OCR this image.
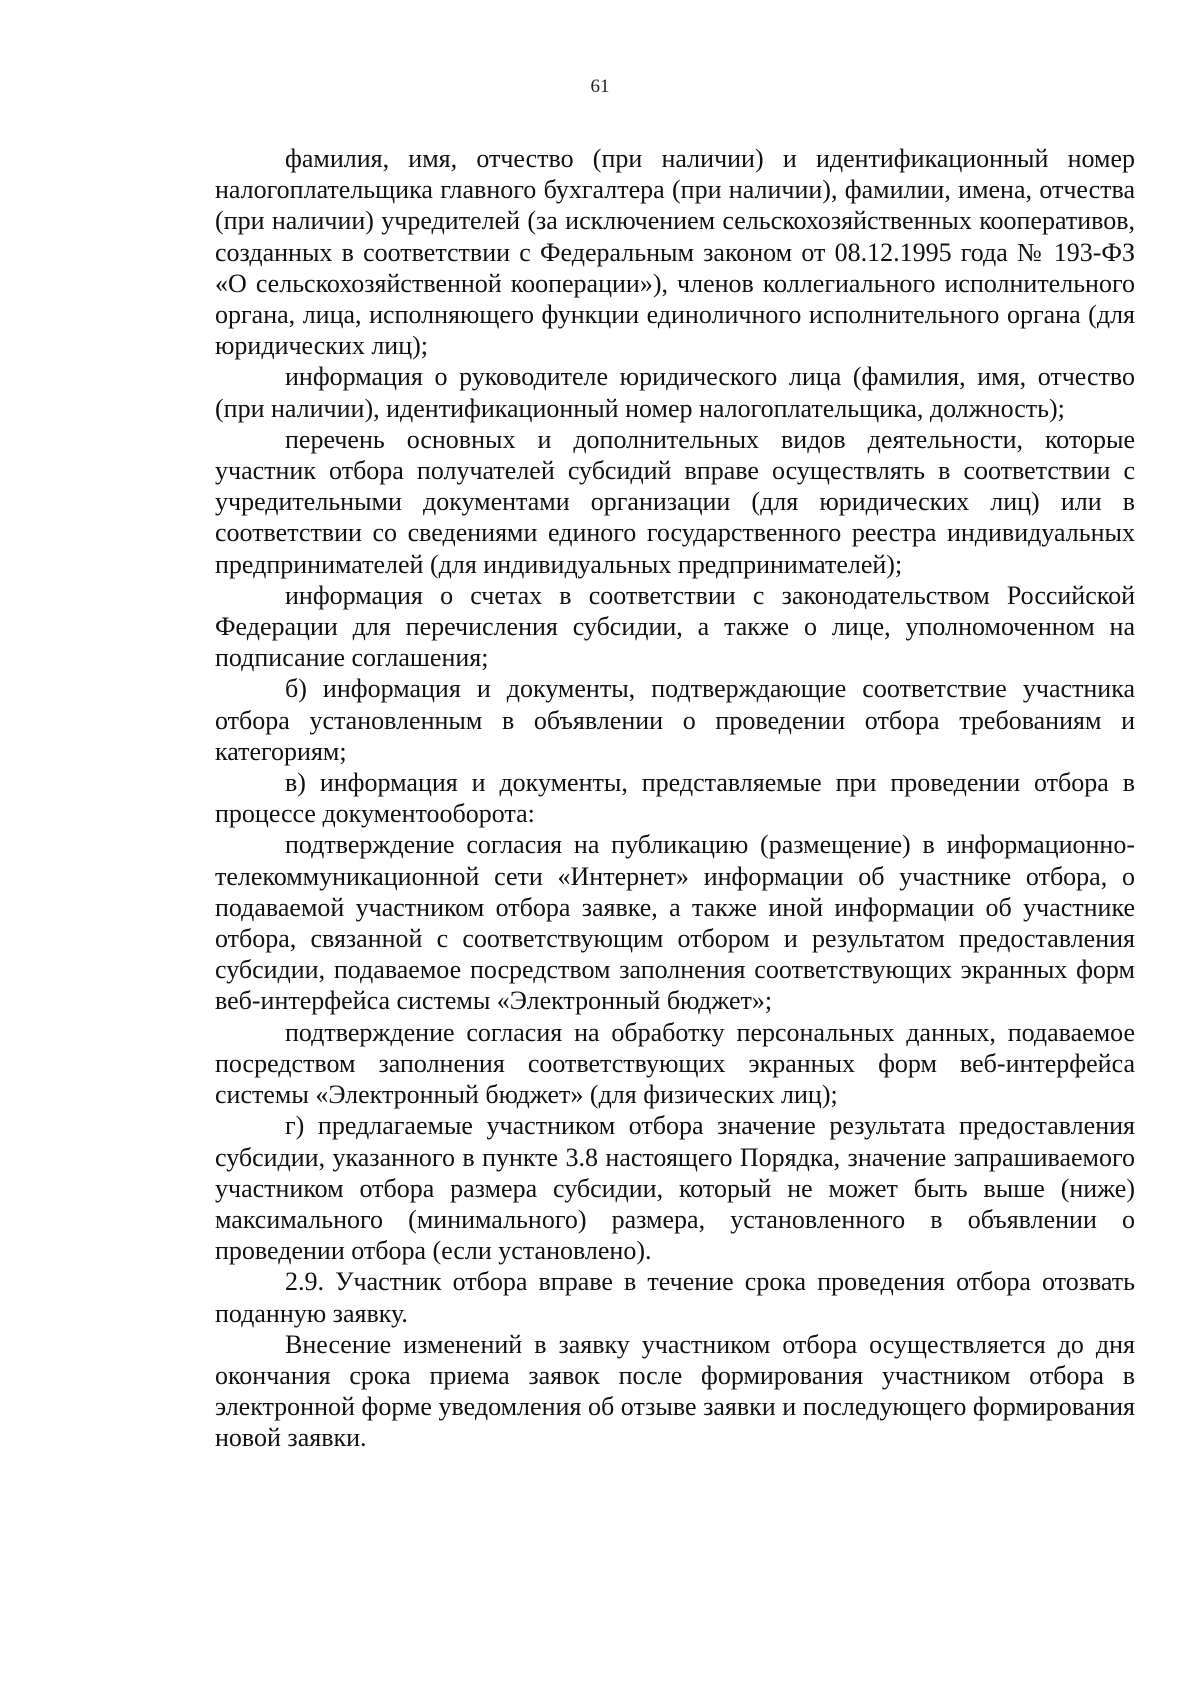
61

фамилия, имя, отчество (при наличии) и идентификационный номер налогоплательщика главного бухгалтера (при наличии), фамилии, имена, отчества (при наличии) учредителей (за исключением сельскохозяйственных кооперативов, созданных в соответствии с Федеральным законом от 08.12.1995 года № 193-ФЗ «О сельскохозяйственной кооперации»), членов коллегиального исполнительного органа, лица, исполняющего функции единоличного исполнительного органа (для юридических лиц);

информация о руководителе юридического лица (фамилия, имя, отчество (при наличии), идентификационный номер налогоплательщика, должность);

перечень основных и дополнительных видов деятельности, которые участник отбора получателей субсидий вправе осуществлять в соответствии с учредительными документами организации (для юридических лиц) или в соответствии со сведениями единого государственного реестра индивидуальных предпринимателей (для индивидуальных предпринимателей);

информация о счетах в соответствии с законодательством Российской Федерации для перечисления субсидии, а также о лице, уполномоченном на подписание соглашения;

б) информация и документы, подтверждающие соответствие участника отбора установленным в объявлении о проведении отбора требованиям и категориям;

в) информация и документы, представляемые при проведении отбора в процессе документооборота:

подтверждение согласия на публикацию (размещение) в информационно-телекоммуникационной сети «Интернет» информации об участнике отбора, о подаваемой участником отбора заявке, а также иной информации об участнике отбора, связанной с соответствующим отбором и результатом предоставления субсидии, подаваемое посредством заполнения соответствующих экранных форм веб-интерфейса системы «Электронный бюджет»;

подтверждение согласия на обработку персональных данных, подаваемое посредством заполнения соответствующих экранных форм веб-интерфейса системы «Электронный бюджет» (для физических лиц);

г) предлагаемые участником отбора значение результата предоставления субсидии, указанного в пункте 3.8 настоящего Порядка, значение запрашиваемого участником отбора размера субсидии, который не может быть выше (ниже) максимального (минимального) размера, установленного в объявлении о проведении отбора (если установлено).

2.9. Участник отбора вправе в течение срока проведения отбора отозвать поданную заявку.

Внесение изменений в заявку участником отбора осуществляется до дня окончания срока приема заявок после формирования участником отбора в электронной форме уведомления об отзыве заявки и последующего формирования новой заявки.
